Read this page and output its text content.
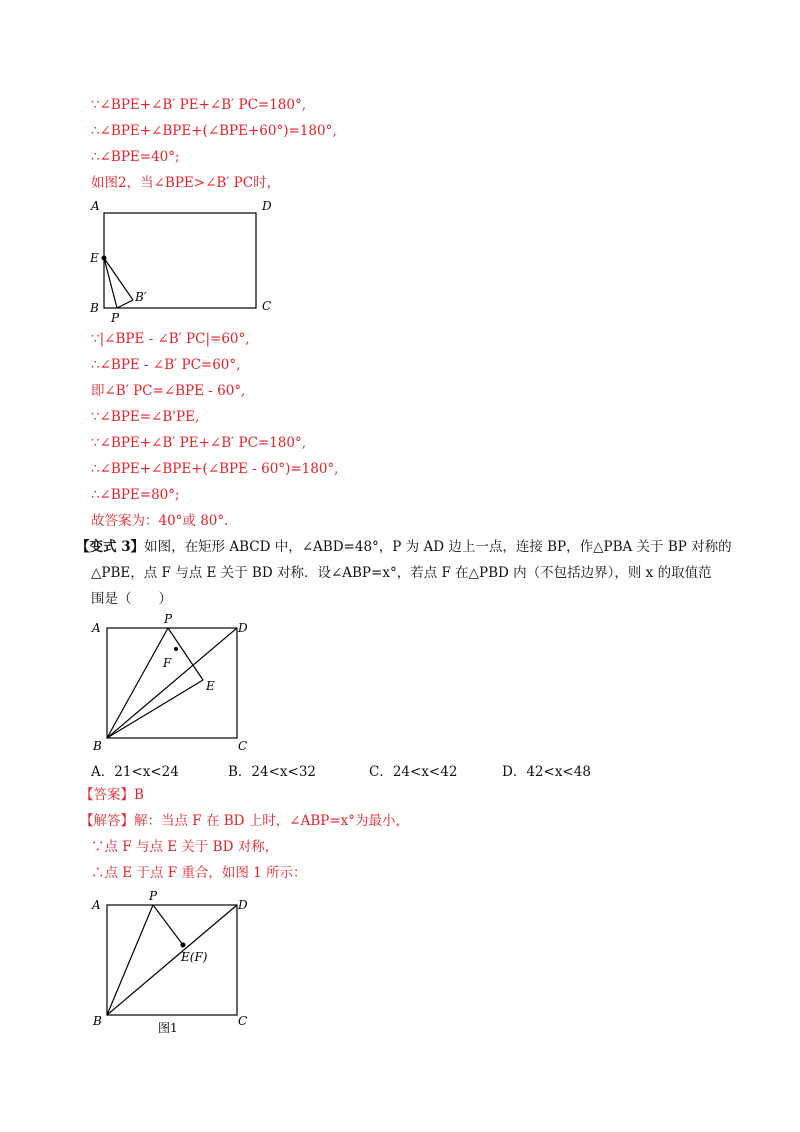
∵∠BPE+∠B′ PE+∠B′ PC=180°,
∴∠BPE+∠BPE+(∠BPE+60°)=180°,
∴∠BPE=40°;
如图2，当∠BPE>∠B′ PC时，
A	D
E
B
P
C
B′
∵|∠BPE - ∠B′ PC|=60°,
∴∠BPE - ∠B′ PC=60°,
即∠B′ PC=∠BPE - 60°,
∵∠BPE=∠B'PE,
∵∠BPE+∠B′ PE+∠B′ PC=180°,
∴∠BPE+∠BPE+(∠BPE - 60°)=180°,
∴∠BPE=80°;
故答案为：40°或 80°.
【变式 3】如图，在矩形 ABCD 中，∠ABD=48°，P 为 AD 边上一点，连接 BP，作△PBA 关于 BP 对称的
△PBE，点 F 与点 E 关于 BD 对称．设∠ABP=x°，若点 F 在△PBD 内（不包括边界），则 x 的取值范
围是（　　）
A
P
D
F
E
B	C
A．21<x<24	B．24<x<32	C．24<x<42	D．42<x<48
【答案】B
【解答】解：当点 F 在 BD 上时，∠ABP=x°为最小，
∵点 F 与点 E 关于 BD 对称，
∴点 E 于点 F 重合，如图 1 所示：
A
P
D
E(F)
B	C
图1
